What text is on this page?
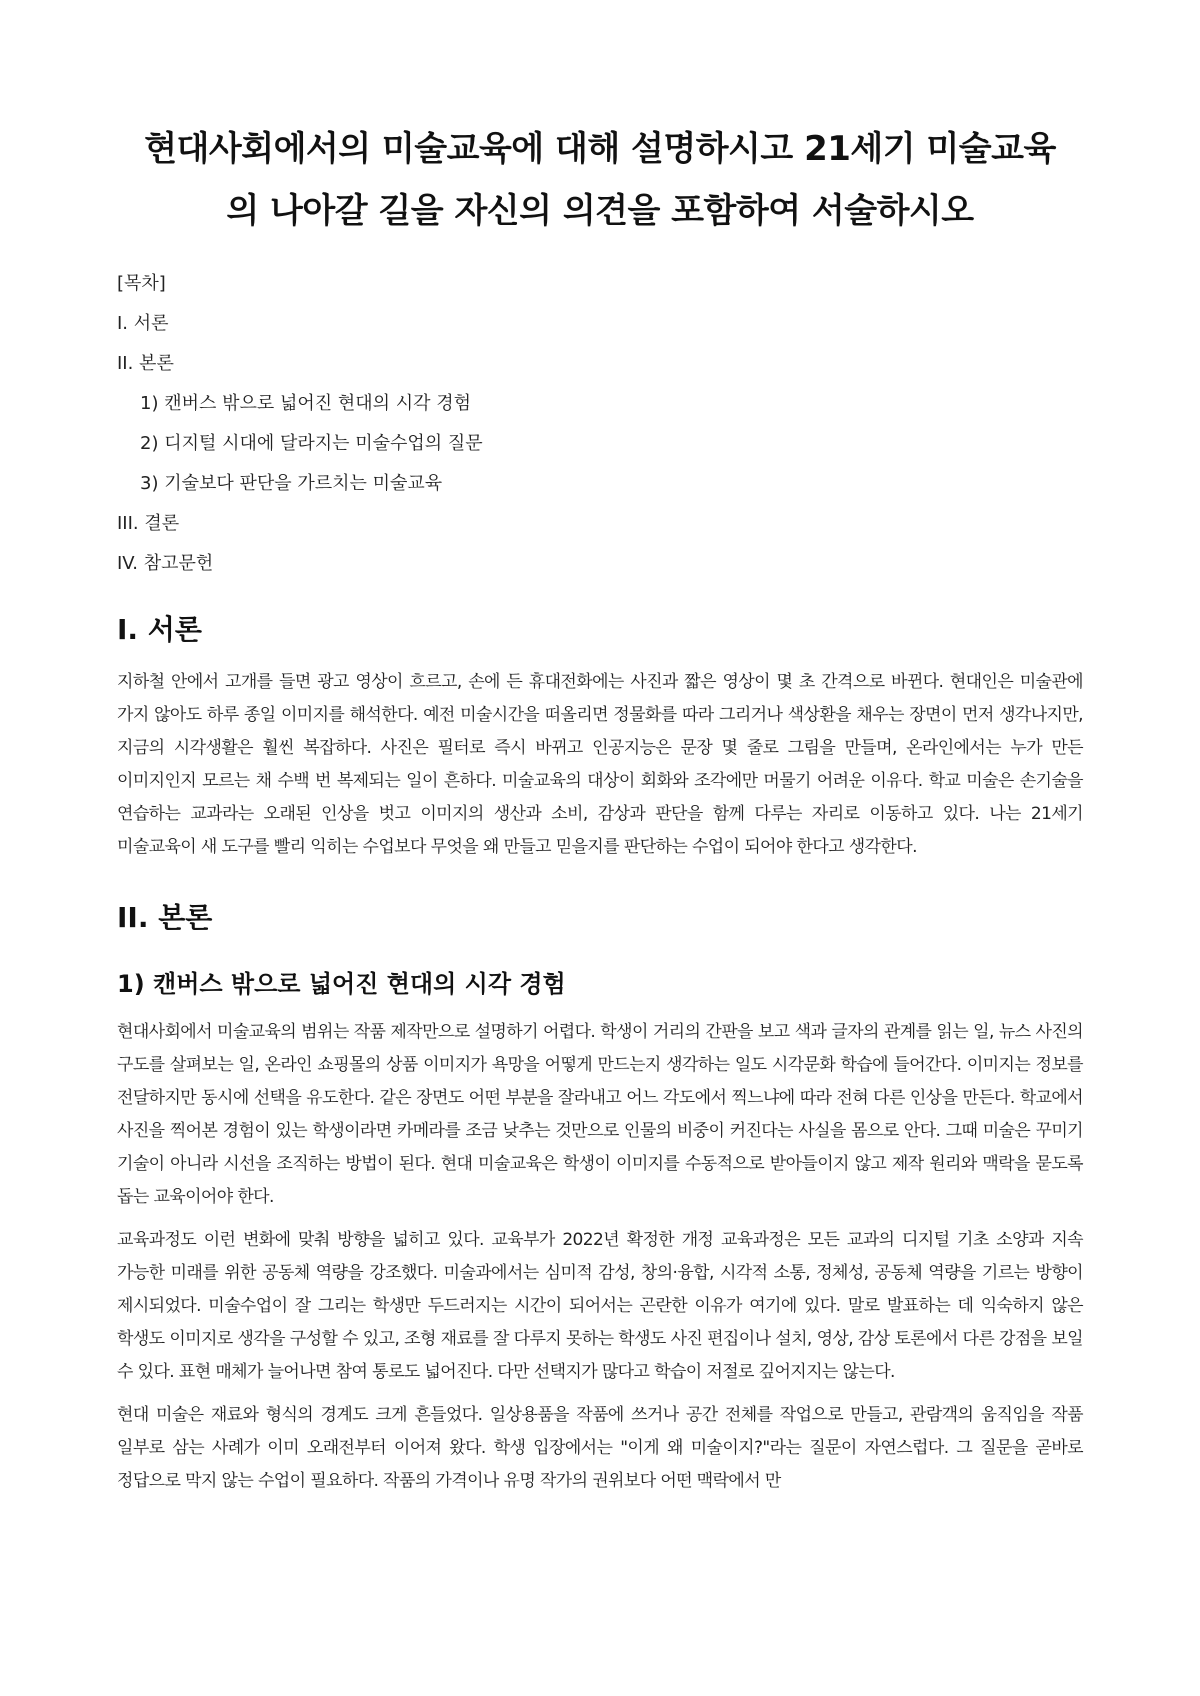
현대사회에서의 미술교육에 대해 설명하시고 21세기 미술교육
의 나아갈 길을 자신의 의견을 포함하여 서술하시오
[목차]
I. 서론
II. 본론
1) 캔버스 밖으로 넓어진 현대의 시각 경험
2) 디지털 시대에 달라지는 미술수업의 질문
3) 기술보다 판단을 가르치는 미술교육
III. 결론
IV. 참고문헌
I. 서론

지하철 안에서 고개를 들면 광고 영상이 흐르고, 손에 든 휴대전화에는 사진과 짧은 영상이 몇 초 간격으로 바뀐다. 현대인은 미술관에 가지 않아도 하루 종일 이미지를 해석한다. 예전 미술시간을 떠올리면 정물화를 따라 그리거나 색상환을 채우는 장면이 먼저 생각나지만, 지금의 시각생활은 훨씬 복잡하다. 사진은 필터로 즉시 바뀌고 인공지능은 문장 몇 줄로 그림을 만들며, 온라인에서는 누가 만든 이미지인지 모르는 채 수백 번 복제되는 일이 흔하다. 미술교육의 대상이 회화와 조각에만 머물기 어려운 이유다. 학교 미술은 손기술을 연습하는 교과라는 오래된 인상을 벗고 이미지의 생산과 소비, 감상과 판단을 함께 다루는 자리로 이동하고 있다. 나는 21세기 미술교육이 새 도구를 빨리 익히는 수업보다 무엇을 왜 만들고 믿을지를 판단하는 수업이 되어야 한다고 생각한다.

II. 본론
1) 캔버스 밖으로 넓어진 현대의 시각 경험

현대사회에서 미술교육의 범위는 작품 제작만으로 설명하기 어렵다. 학생이 거리의 간판을 보고 색과 글자의 관계를 읽는 일, 뉴스 사진의 구도를 살펴보는 일, 온라인 쇼핑몰의 상품 이미지가 욕망을 어떻게 만드는지 생각하는 일도 시각문화 학습에 들어간다. 이미지는 정보를 전달하지만 동시에 선택을 유도한다. 같은 장면도 어떤 부분을 잘라내고 어느 각도에서 찍느냐에 따라 전혀 다른 인상을 만든다. 학교에서 사진을 찍어본 경험이 있는 학생이라면 카메라를 조금 낮추는 것만으로 인물의 비중이 커진다는 사실을 몸으로 안다. 그때 미술은 꾸미기 기술이 아니라 시선을 조직하는 방법이 된다. 현대 미술교육은 학생이 이미지를 수동적으로 받아들이지 않고 제작 원리와 맥락을 묻도록 돕는 교육이어야 한다.

교육과정도 이런 변화에 맞춰 방향을 넓히고 있다. 교육부가 2022년 확정한 개정 교육과정은 모든 교과의 디지털 기초 소양과 지속 가능한 미래를 위한 공동체 역량을 강조했다. 미술과에서는 심미적 감성, 창의·융합, 시각적 소통, 정체성, 공동체 역량을 기르는 방향이 제시되었다. 미술수업이 잘 그리는 학생만 두드러지는 시간이 되어서는 곤란한 이유가 여기에 있다. 말로 발표하는 데 익숙하지 않은 학생도 이미지로 생각을 구성할 수 있고, 조형 재료를 잘 다루지 못하는 학생도 사진 편집이나 설치, 영상, 감상 토론에서 다른 강점을 보일 수 있다. 표현 매체가 늘어나면 참여 통로도 넓어진다. 다만 선택지가 많다고 학습이 저절로 깊어지지는 않는다.

현대 미술은 재료와 형식의 경계도 크게 흔들었다. 일상용품을 작품에 쓰거나 공간 전체를 작업으로 만들고, 관람객의 움직임을 작품 일부로 삼는 사례가 이미 오래전부터 이어져 왔다. 학생 입장에서는 "이게 왜 미술이지?"라는 질문이 자연스럽다. 그 질문을 곧바로 정답으로 막지 않는 수업이 필요하다. 작품의 가격이나 유명 작가의 권위보다 어떤 맥락에서 만
